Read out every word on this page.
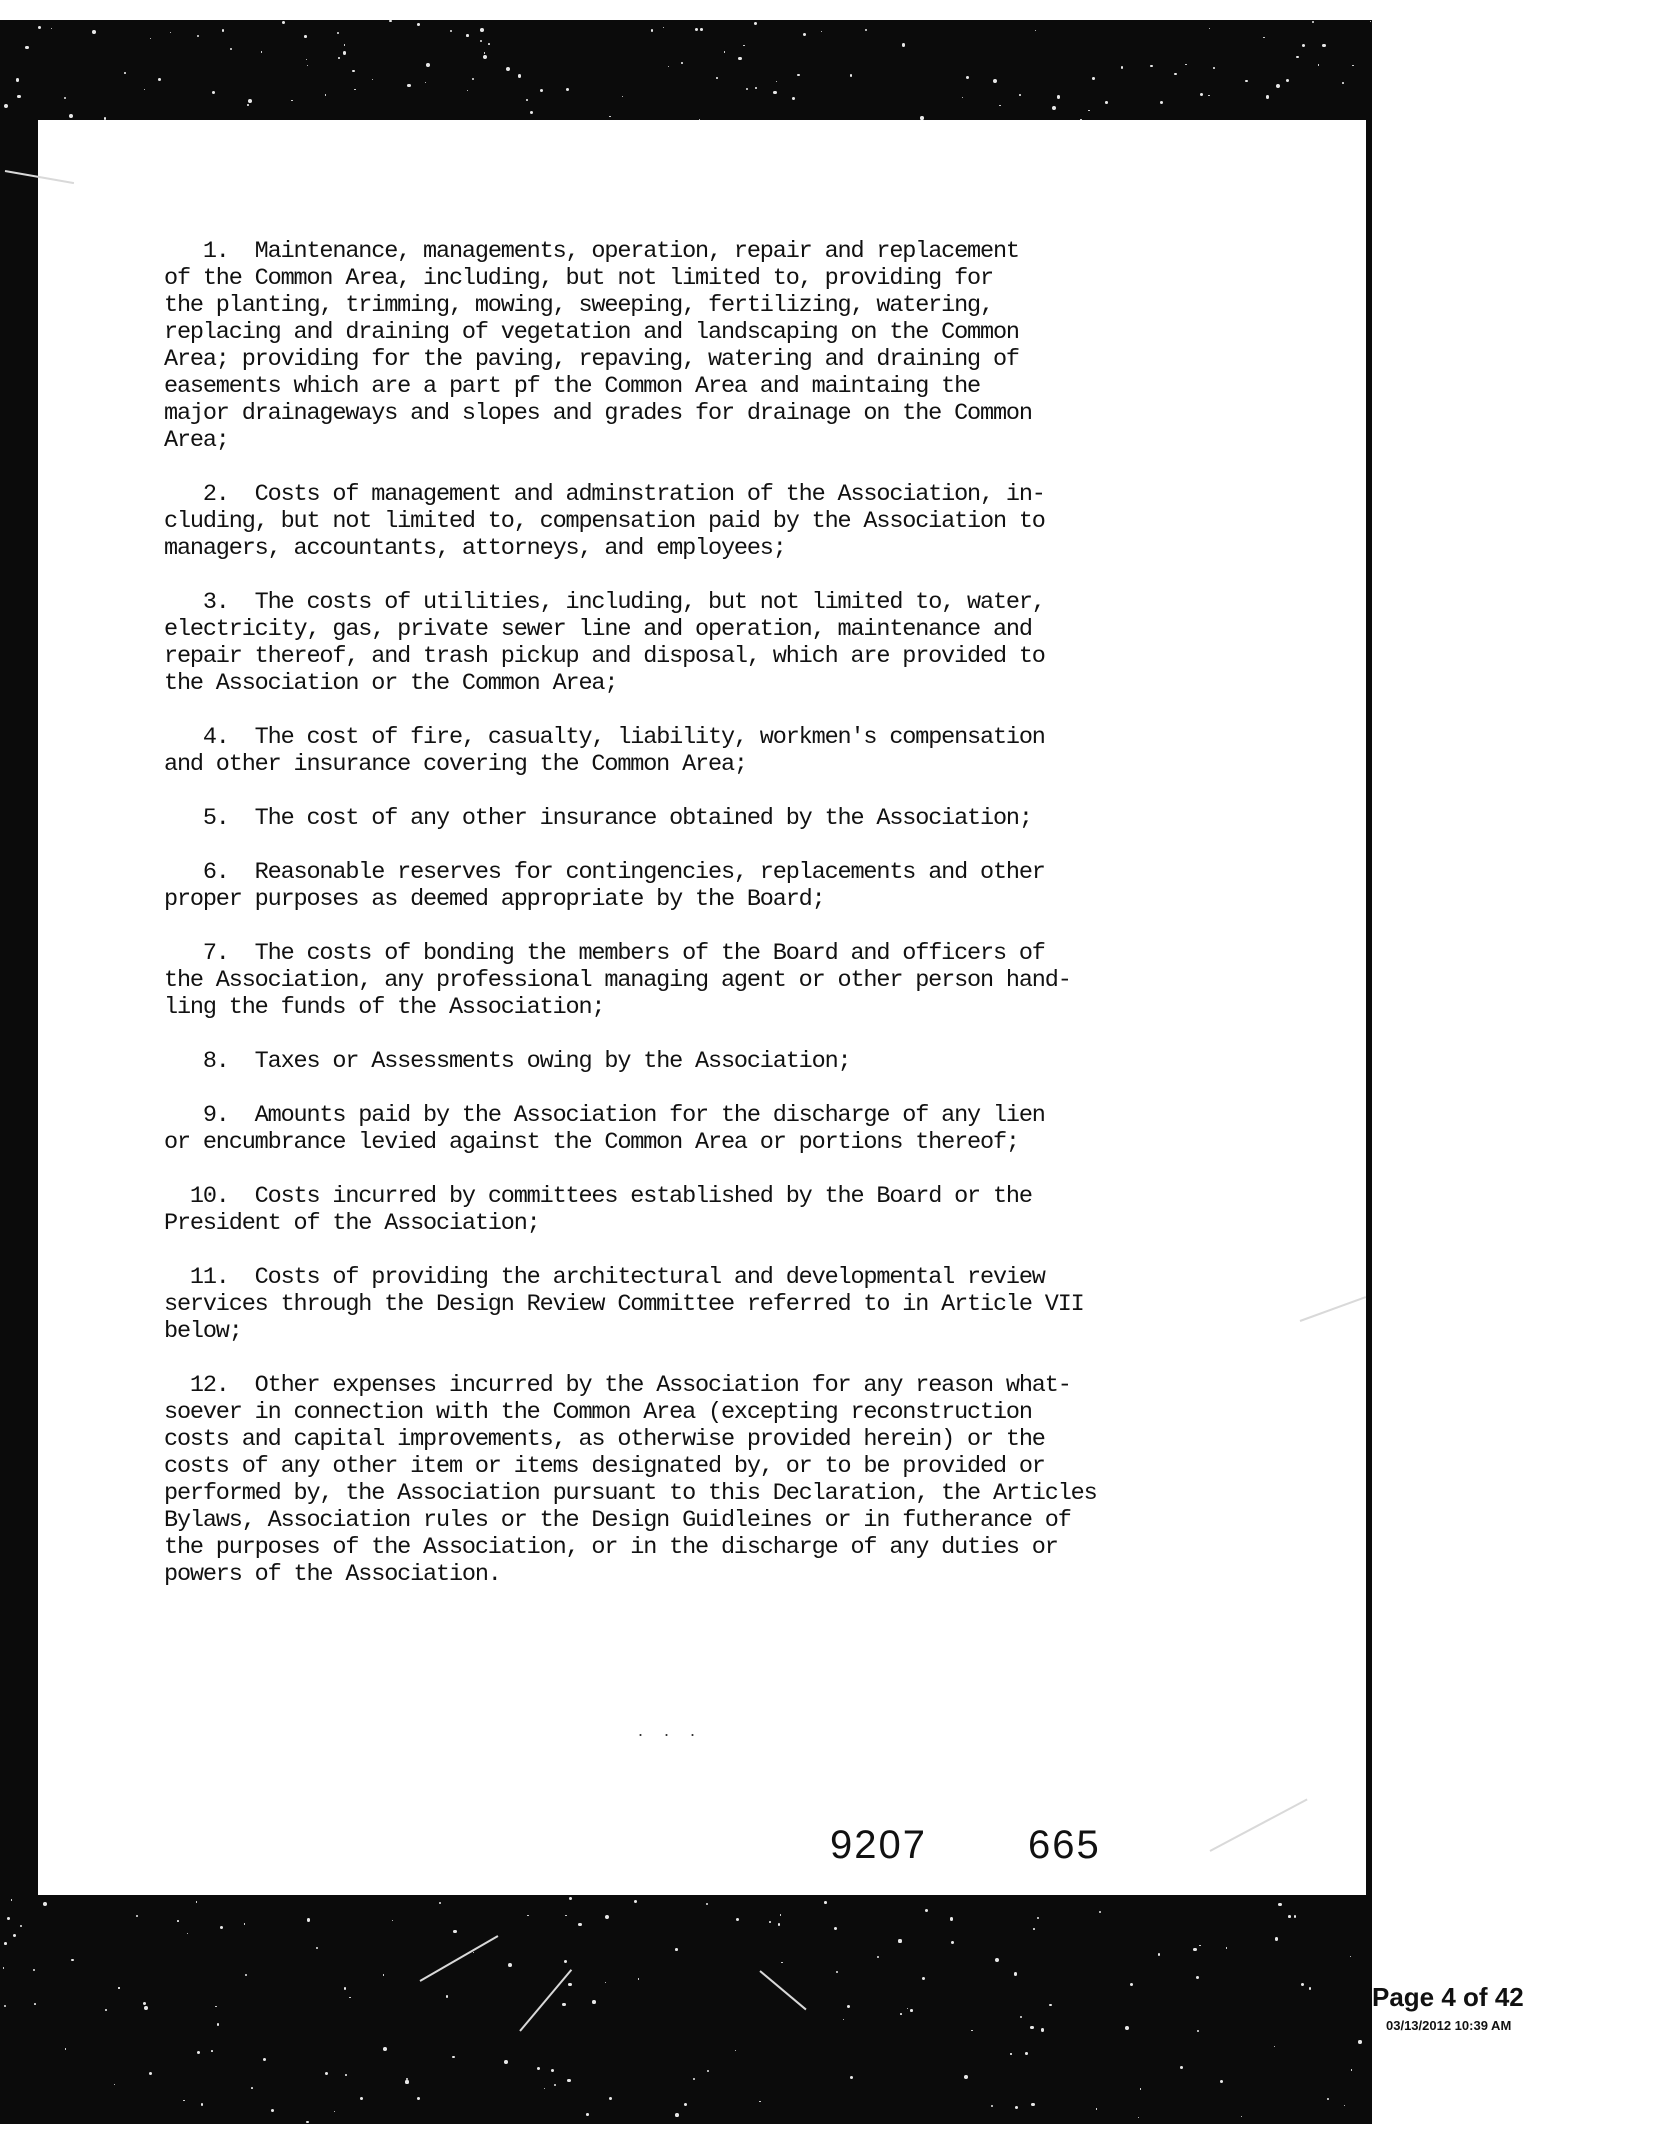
1. Maintenance, managements, operation, repair and replacement
of the Common Area, including, but not limited to, providing for
the planting, trimming, mowing, sweeping, fertilizing, watering,
replacing and draining of vegetation and landscaping on the Common
Area; providing for the paving, repaving, watering and draining of
easements which are a part pf the Common Area and maintaing the
major drainageways and slopes and grades for drainage on the Common
Area;
2. Costs of management and adminstration of the Association, in-
cluding, but not limited to, compensation paid by the Association to
managers, accountants, attorneys, and employees;
3. The costs of utilities, including, but not limited to, water,
electricity, gas, private sewer line and operation, maintenance and
repair thereof, and trash pickup and disposal, which are provided to
the Association or the Common Area;
4. The cost of fire, casualty, liability, workmen's compensation
and other insurance covering the Common Area;
5. The cost of any other insurance obtained by the Association;
6. Reasonable reserves for contingencies, replacements and other
proper purposes as deemed appropriate by the Board;
7. The costs of bonding the members of the Board and officers of
the Association, any professional managing agent or other person hand-
ling the funds of the Association;
8. Taxes or Assessments owing by the Association;
9. Amounts paid by the Association for the discharge of any lien
or encumbrance levied against the Common Area or portions thereof;
10. Costs incurred by committees established by the Board or the
President of the Association;
11. Costs of providing the architectural and developmental review
services through the Design Review Committee referred to in Article VII
below;
12. Other expenses incurred by the Association for any reason what-
soever in connection with the Common Area (excepting reconstruction
costs and capital improvements, as otherwise provided herein) or the
costs of any other item or items designated by, or to be provided or
performed by, the Association pursuant to this Declaration, the Articles
Bylaws, Association rules or the Design Guidleines or in futherance of
the purposes of the Association, or in the discharge of any duties or
powers of the Association.
. . .
9207	665
Page 4 of 42
03/13/2012 10:39 AM
